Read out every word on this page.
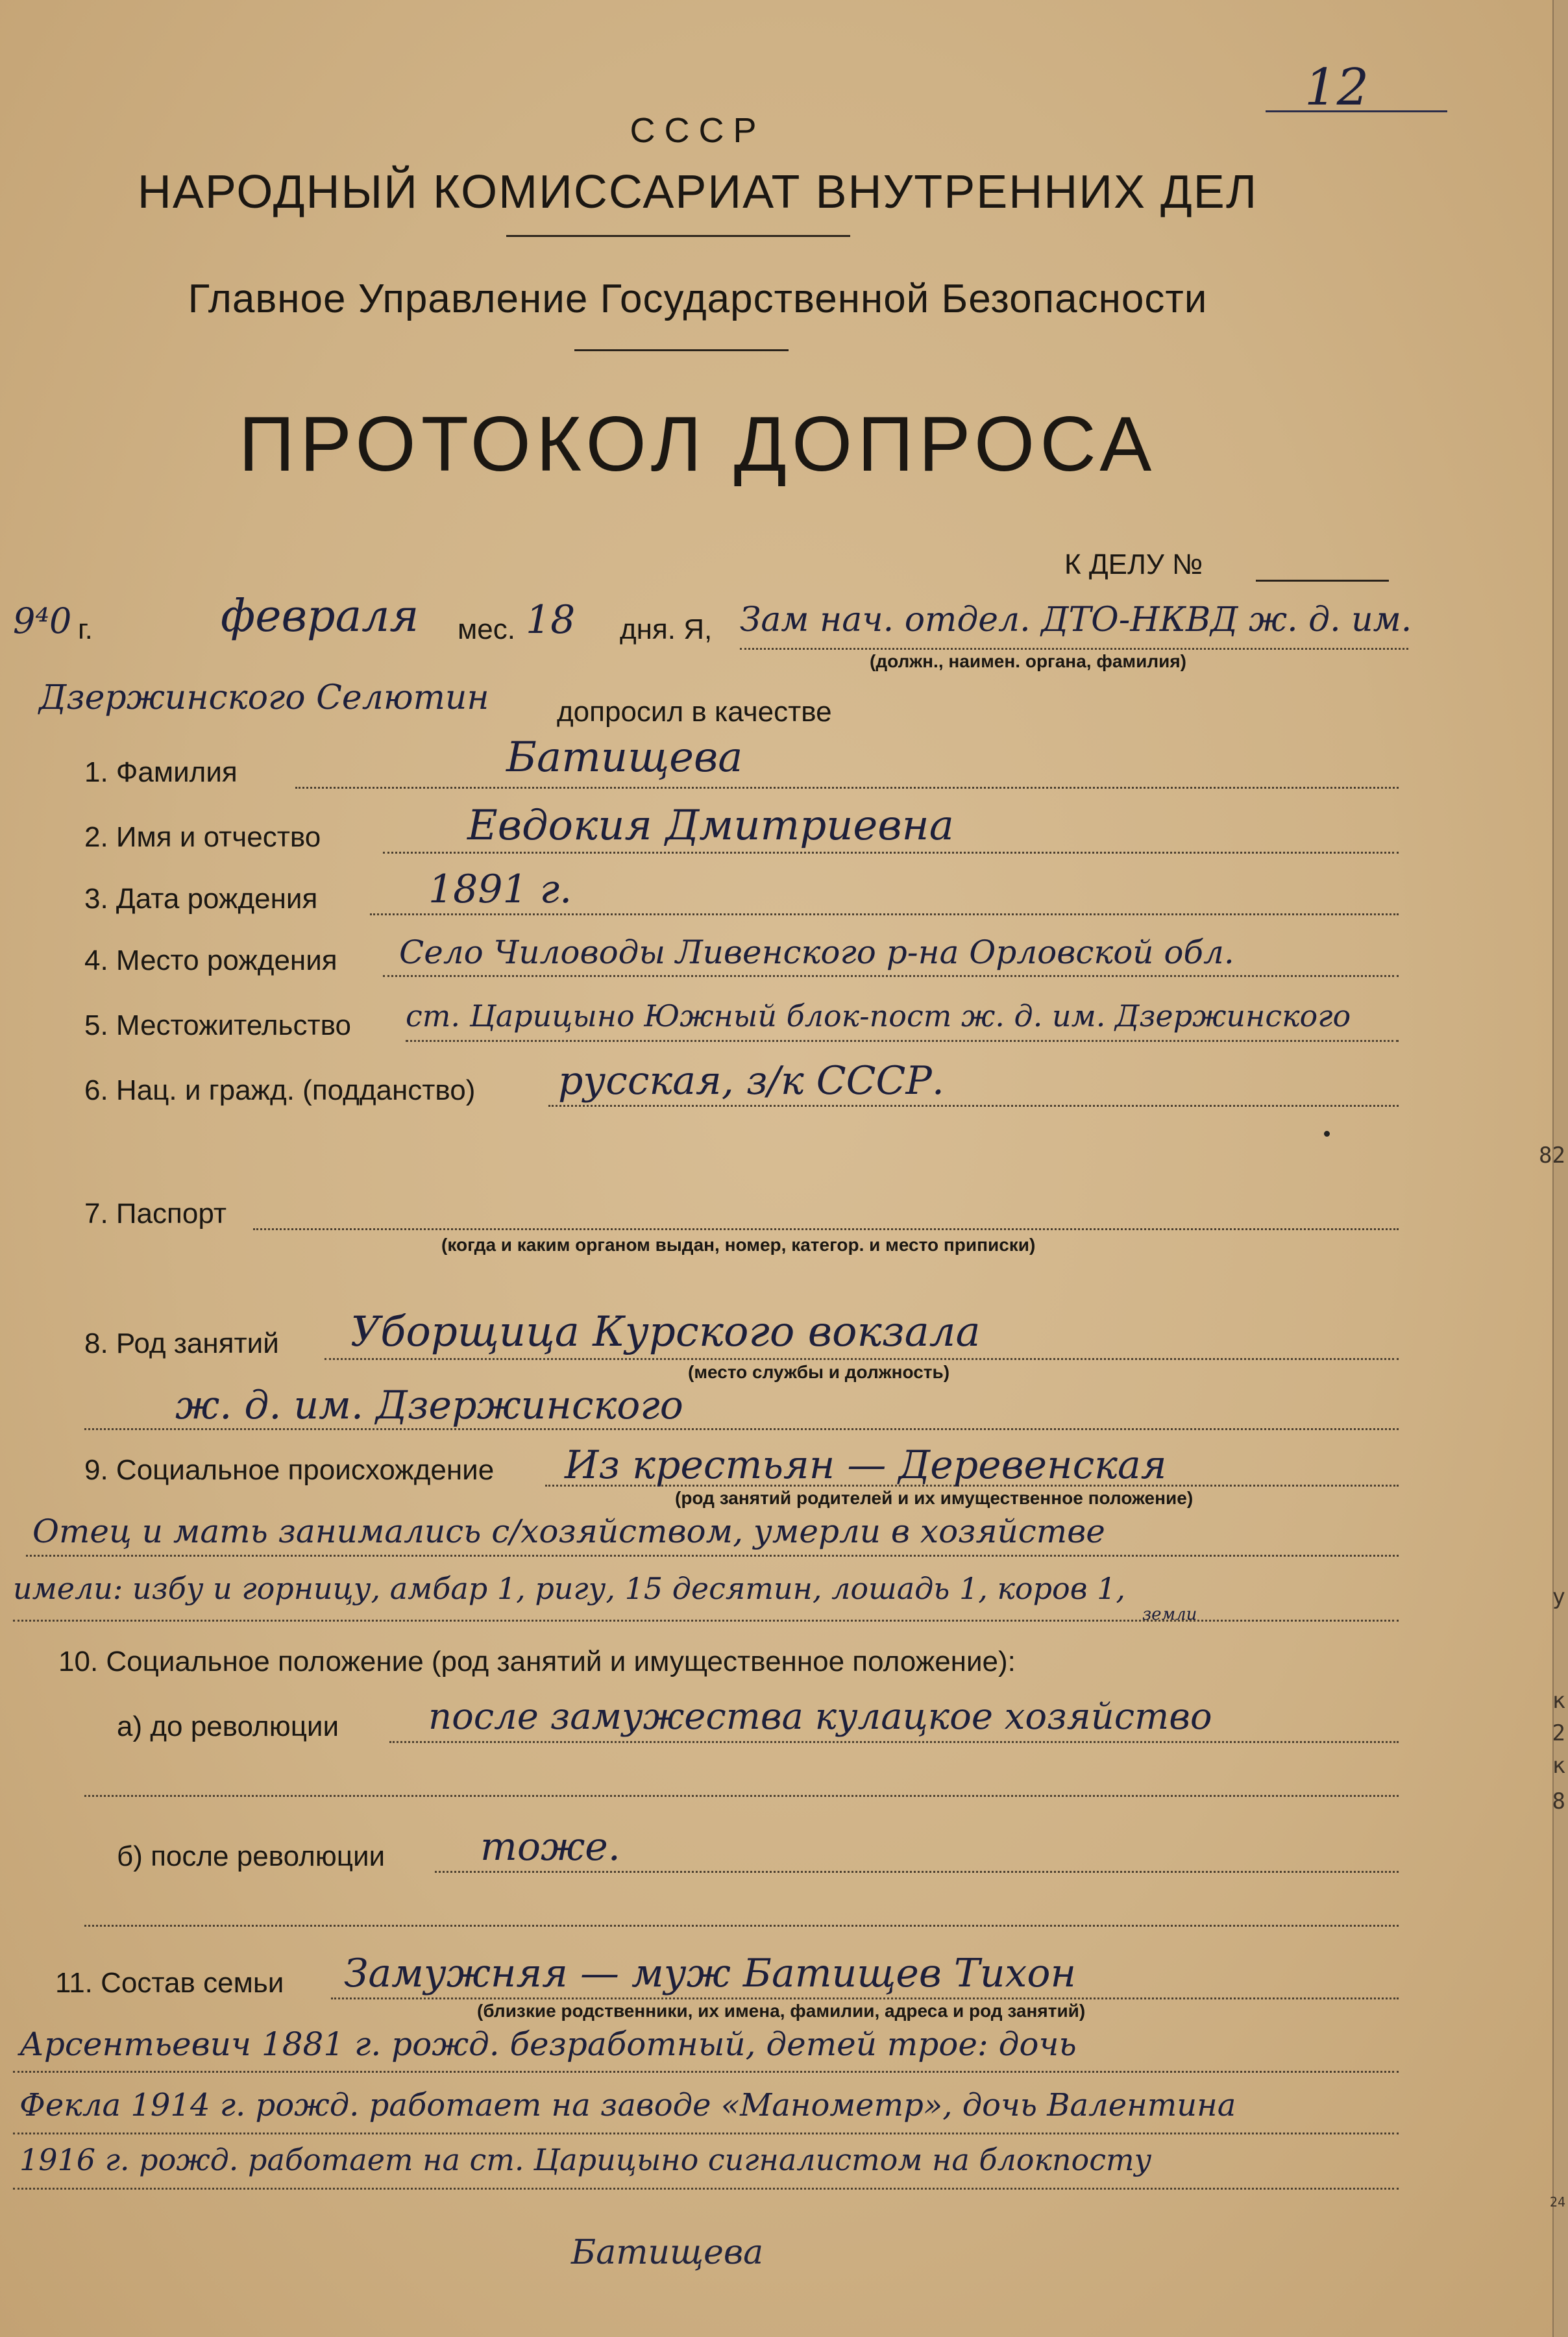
82
у
к
2
к
8
24
12
СССР
НАРОДНЫЙ КОМИССАРИАТ ВНУТРЕННИХ ДЕЛ
Главное Управление Государственной Безопасности
ПРОТОКОЛ ДОПРОСА
К ДЕЛУ №
9⁴0 г.	февраля мес. 18 дня. Я, Зам нач. отдел. ДТО-НКВД ж. д. им.
(должн., наимен. органа, фамилия)
Дзержинского Селютин допросил в качестве
1. Фамилия	Батищева
2. Имя и отчество	Евдокия Дмитриевна
3. Дата рождения	1891 г.
4. Место рождения Село Чиловоды Ливенского р-на Орловской обл.
5. Местожительство ст. Царицыно Южный блок-пост ж. д. им. Дзержинского
6. Нац. и гражд. (подданство) русская, з/к СССР.
7. Паспорт
(когда и каким органом выдан, номер, категор. и место приписки)
8. Род занятий Уборщица Курского вокзала
(место службы и должность)
ж. д. им. Дзержинского
9. Социальное происхождение Из крестьян — Деревенская
(род занятий родителей и их имущественное положение)
Отец и мать занимались с/хозяйством, умерли в хозяйстве
земли
имели: избу и горницу, амбар 1, ригу, 15 десятин, лошадь 1, коров 1,
10. Социальное положение (род занятий и имущественное положение):
а) до революции после замужества кулацкое хозяйство
б) после революции тоже.
11. Состав семьи Замужняя — муж Батищев Тихон
(близкие родственники, их имена, фамилии, адреса и род занятий)
Арсентьевич 1881 г. рожд. безработный, детей трое: дочь
Фекла 1914 г. рожд. работает на заводе «Манометр», дочь Валентина
1916 г. рожд. работает на ст. Царицыно сигналистом на блокпосту
Батищева
